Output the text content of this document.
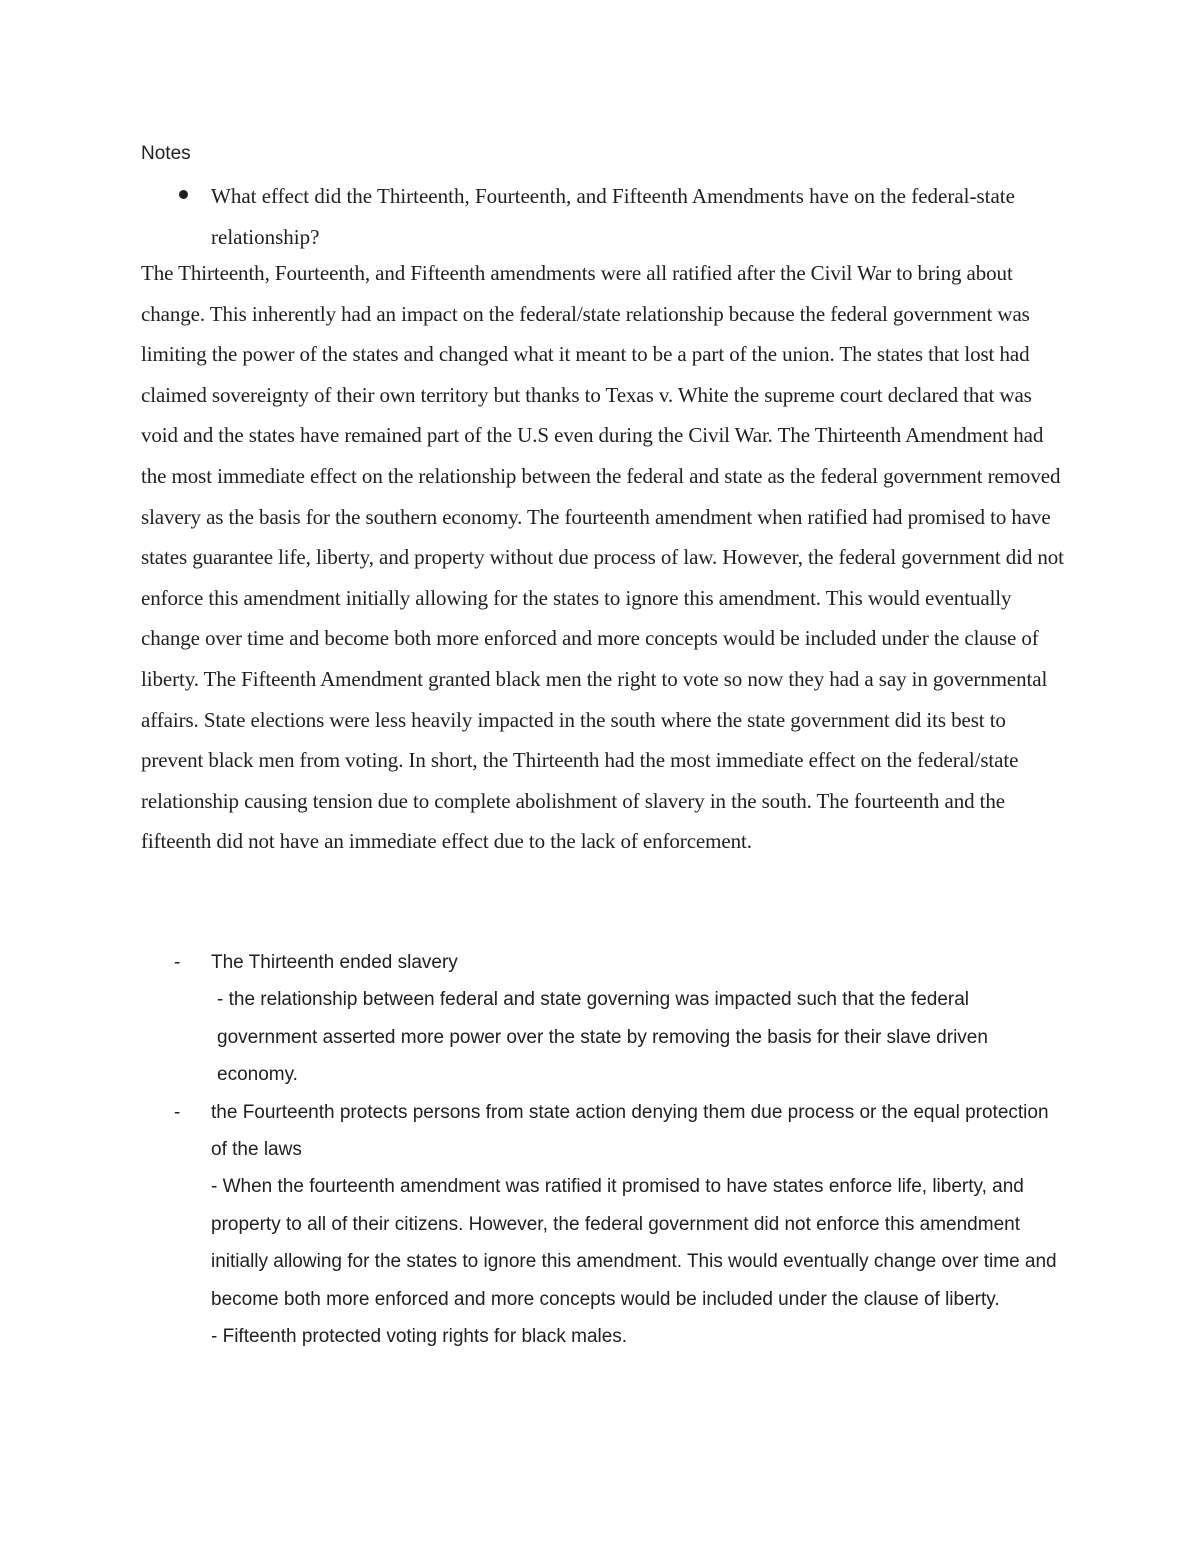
Notes

What effect did the Thirteenth, Fourteenth, and Fifteenth Amendments have on the federal-state relationship?

The Thirteenth, Fourteenth, and Fifteenth amendments were all ratified after the Civil War to bring about change. This inherently had an impact on the federal/state relationship because the federal government was limiting the power of the states and changed what it meant to be a part of the union. The states that lost had claimed sovereignty of their own territory but thanks to Texas v. White the supreme court declared that was void and the states have remained part of the U.S even during the Civil War. The Thirteenth Amendment had the most immediate effect on the relationship between the federal and state as the federal government removed slavery as the basis for the southern economy. The fourteenth amendment when ratified had promised to have states guarantee life, liberty, and property without due process of law. However, the federal government did not enforce this amendment initially allowing for the states to ignore this amendment. This would eventually change over time and become both more enforced and more concepts would be included under the clause of liberty. The Fifteenth Amendment granted black men the right to vote so now they had a say in governmental affairs. State elections were less heavily impacted in the south where the state government did its best to prevent black men from voting. In short, the Thirteenth had the most immediate effect on the federal/state relationship causing tension due to complete abolishment of slavery in the south. The fourteenth and the fifteenth did not have an immediate effect due to the lack of enforcement.

- The Thirteenth ended slavery

- the relationship between federal and state governing was impacted such that the federal government asserted more power over the state by removing the basis for their slave driven economy.

- the Fourteenth protects persons from state action denying them due process or the equal protection of the laws

- When the fourteenth amendment was ratified it promised to have states enforce life, liberty, and property to all of their citizens. However, the federal government did not enforce this amendment initially allowing for the states to ignore this amendment. This would eventually change over time and become both more enforced and more concepts would be included under the clause of liberty.

- Fifteenth protected voting rights for black males.
